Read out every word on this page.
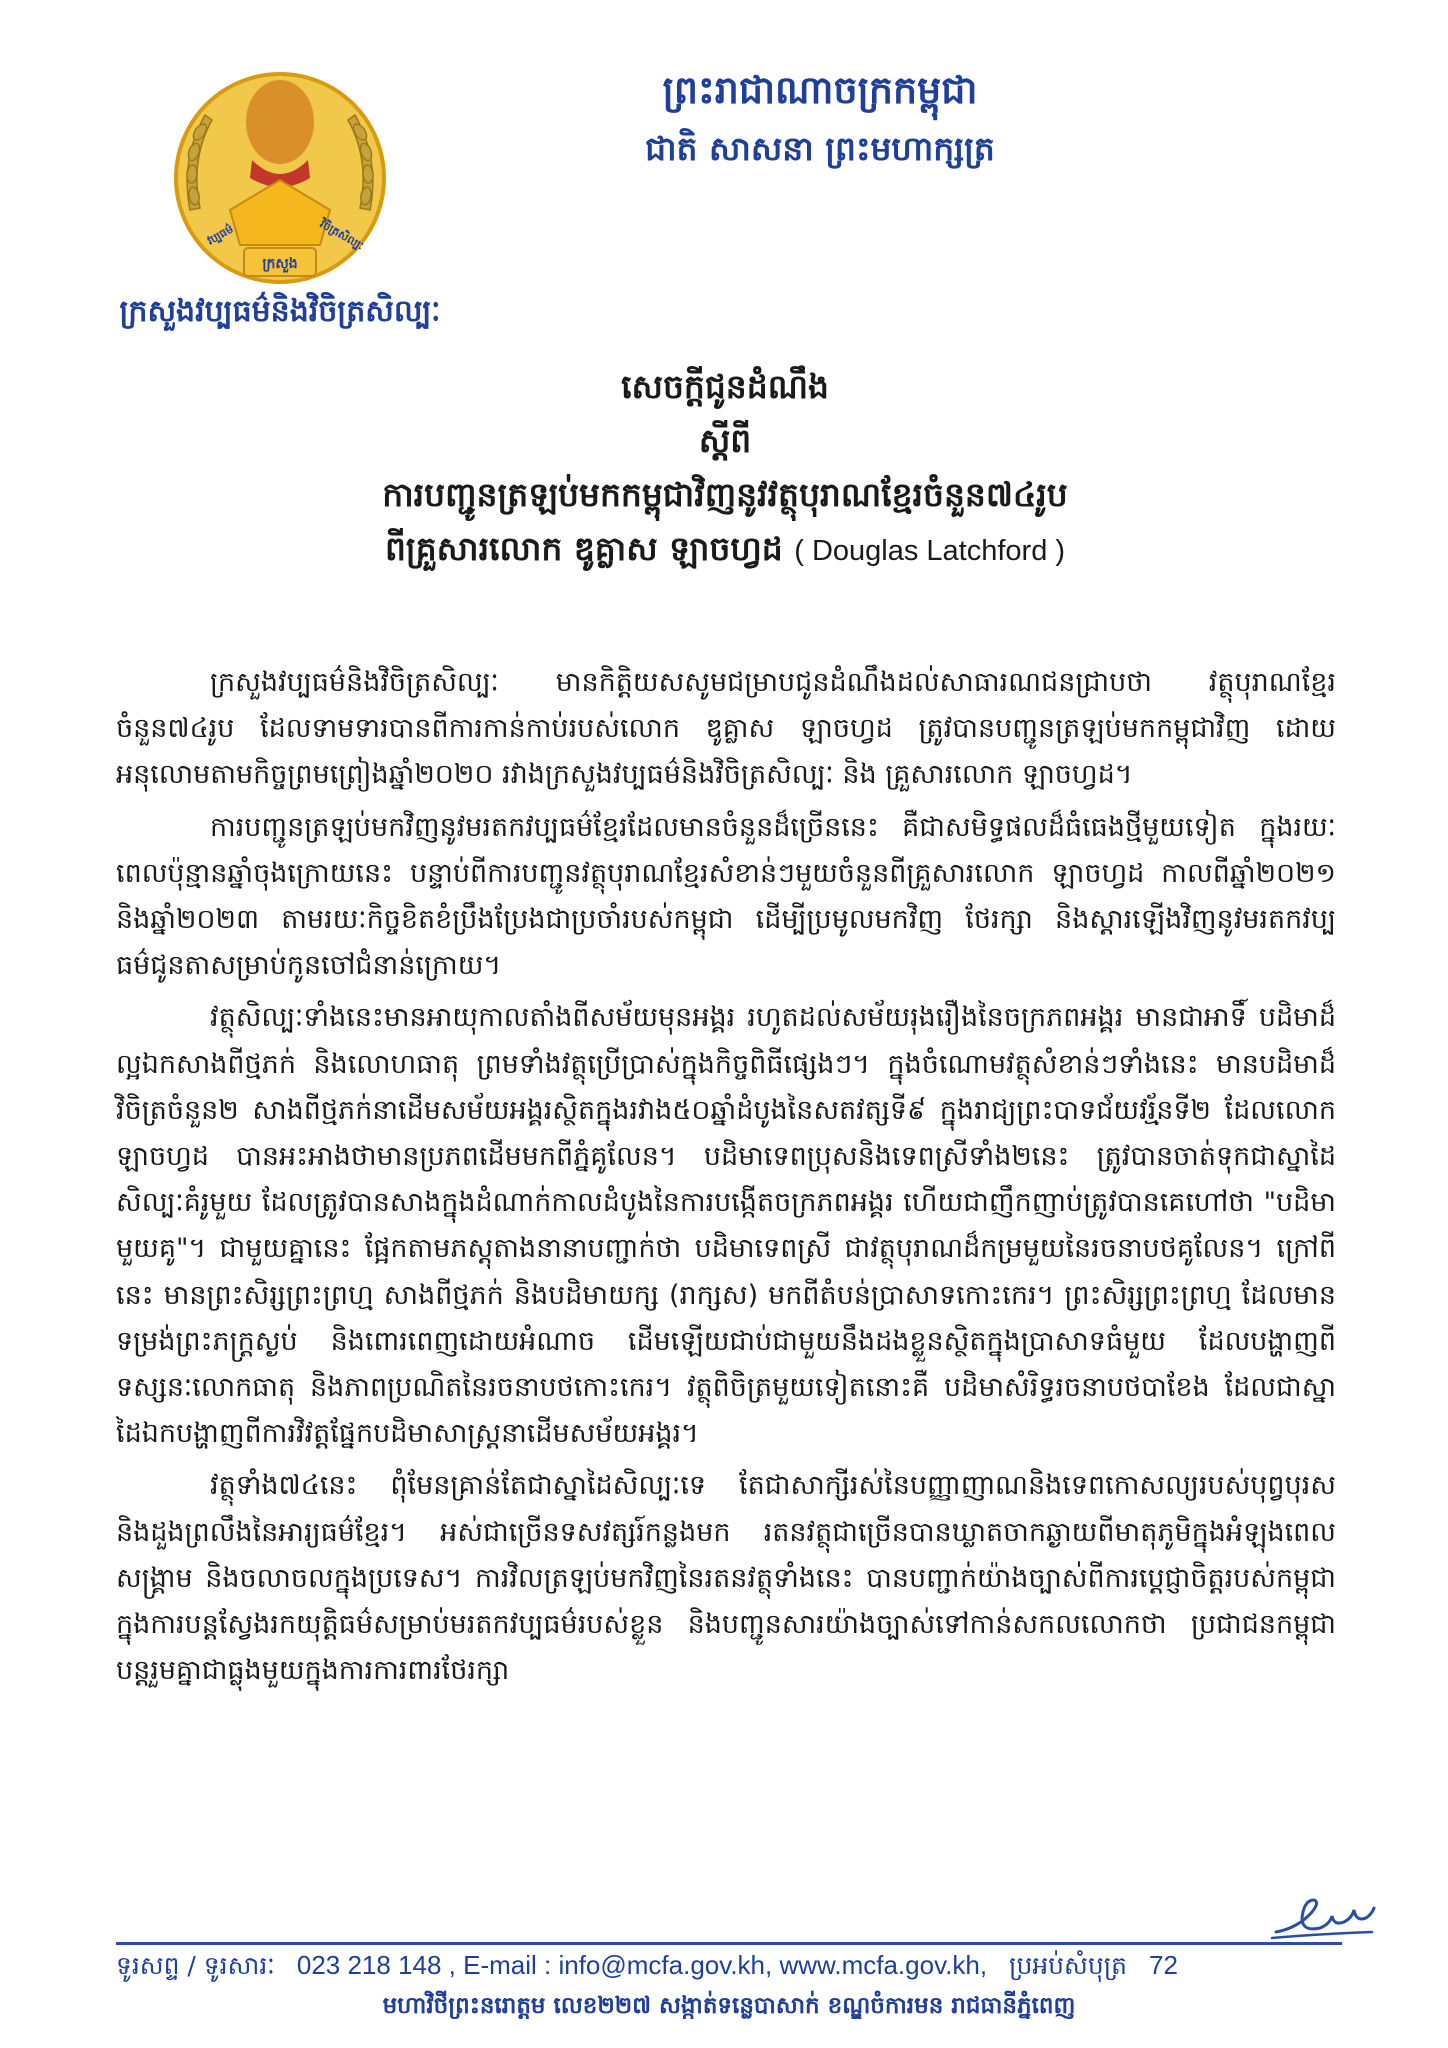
ក្រសួង
វប្បធម៌	វិចិត្រសិល្បៈ
ក្រសួងវប្បធម៌និងវិចិត្រសិល្បៈ
ព្រះរាជាណាចក្រកម្ពុជា
ជាតិ សាសនា ព្រះមហាក្សត្រ
សេចក្ដីជូនដំណឹង
ស្ដីពី
ការបញ្ជូនត្រឡប់មកកម្ពុជាវិញនូវវត្ថុបុរាណខ្មែរចំនួន៧៤រូប
ពីគ្រួសារលោក ឌូគ្លាស ឡាចហ្វដ ( Douglas Latchford )

ក្រសួងវប្បធម៌និងវិចិត្រសិល្បៈ មានកិត្តិយសសូមជម្រាបជូនដំណឹងដល់សាធារណជនជ្រាបថា វត្ថុបុរាណខ្មែរចំនួន៧៤រូប ដែលទាមទារបានពីការកាន់កាប់របស់លោក ឌូគ្លាស ឡាចហ្វដ ត្រូវបានបញ្ជូនត្រឡប់មកកម្ពុជាវិញ ដោយអនុលោមតាមកិច្ចព្រមព្រៀងឆ្នាំ២០២០ រវាងក្រសួងវប្បធម៌និងវិចិត្រសិល្បៈ និង គ្រួសារលោក ឡាចហ្វដ។

ការបញ្ជូនត្រឡប់មកវិញនូវមរតកវប្បធម៌ខ្មែរដែលមានចំនួនដ៏ច្រើននេះ គឺជាសមិទ្ធផលដ៏ធំធេងថ្មីមួយទៀត ក្នុងរយៈពេលប៉ុន្មានឆ្នាំចុងក្រោយនេះ បន្ទាប់ពីការបញ្ជូនវត្ថុបុរាណខ្មែរសំខាន់ៗមួយចំនួនពីគ្រួសារលោក ឡាចហ្វដ កាលពីឆ្នាំ២០២១ និងឆ្នាំ២០២៣ តាមរយៈកិច្ចខិតខំប្រឹងប្រែងជាប្រចាំរបស់កម្ពុជា ដើម្បីប្រមូលមកវិញ ថែរក្សា និងស្តារឡើងវិញនូវមរតកវប្បធម៌ជូនតាសម្រាប់កូនចៅជំនាន់ក្រោយ។

វត្ថុសិល្បៈទាំងនេះមានអាយុកាលតាំងពីសម័យមុនអង្គរ រហូតដល់សម័យរុងរឿងនៃចក្រភពអង្គរ មានជាអាទិ៍ បដិមាដ៏ល្អឯកសាងពីថ្មភក់ និងលោហធាតុ ព្រមទាំងវត្ថុប្រើប្រាស់ក្នុងកិច្ចពិធីផ្សេងៗ។ ក្នុងចំណោមវត្ថុសំខាន់ៗទាំងនេះ មានបដិមាដ៏វិចិត្រចំនួន២ សាងពីថ្មភក់នាដើមសម័យអង្គរស្ថិតក្នុងរវាង៥០ឆ្នាំដំបូងនៃសតវត្សទី៩ ក្នុងរាជ្យព្រះបាទជ័យវរ្ម័នទី២ ដែលលោក ឡាចហ្វដ បានអះអាងថាមានប្រភពដើមមកពីភ្នំគូលែន។ បដិមាទេពប្រុសនិងទេពស្រីទាំង២នេះ ត្រូវបានចាត់ទុកជាស្នាដៃសិល្បៈគំរូមួយ ដែលត្រូវបានសាងក្នុងដំណាក់កាលដំបូងនៃការបង្កើតចក្រភពអង្គរ ហើយជាញឹកញាប់ត្រូវបានគេហៅថា "បដិមាមួយគូ"។ ជាមួយគ្នានេះ ផ្អែកតាមភស្តុតាងនានាបញ្ជាក់ថា បដិមាទេពស្រី ជាវត្ថុបុរាណដ៏កម្រមួយនៃរចនាបថគូលែន។ ក្រៅពីនេះ មានព្រះសិរ្សព្រះព្រហ្ម សាងពីថ្មភក់ និងបដិមាយក្ស (រាក្សស) មកពីតំបន់ប្រាសាទកោះកេរ។ ព្រះសិរ្សព្រះព្រហ្ម ដែលមានទម្រង់ព្រះភក្ត្រស្ងប់ និងពោរពេញដោយអំណាច ដើមឡើយជាប់ជាមួយនឹងដងខ្លួនស្ថិតក្នុងប្រាសាទធំមួយ ដែលបង្ហាញពីទស្សនៈលោកធាតុ និងភាពប្រណិតនៃរចនាបថកោះកេរ។ វត្ថុពិចិត្រមួយទៀតនោះគឺ បដិមាសំរិទ្ធរចនាបថបាខែង ដែលជាស្នាដៃឯកបង្ហាញពីការវិវត្តផ្នែកបដិមាសាស្រ្តនាដើមសម័យអង្គរ។

វត្ថុទាំង៧៤នេះ ពុំមែនគ្រាន់តែជាស្នាដៃសិល្បៈទេ តែជាសាក្សីរស់នៃបញ្ញាញាណនិងទេពកោសល្យរបស់បុព្វបុរស និងដួងព្រលឹងនៃអារ្យធម៌ខ្មែរ។ អស់ជាច្រើនទសវត្សរ៍កន្លងមក រតនវត្ថុជាច្រើនបានឃ្លាតចាកឆ្ងាយពីមាតុភូមិក្នុងអំឡុងពេលសង្គ្រាម និងចលាចលក្នុងប្រទេស។ ការវិលត្រឡប់មកវិញនៃរតនវត្ថុទាំងនេះ បានបញ្ជាក់យ៉ាងច្បាស់ពីការប្តេជ្ញាចិត្តរបស់កម្ពុជា ក្នុងការបន្តស្វែងរកយុត្តិធម៌សម្រាប់មរតកវប្បធម៌របស់ខ្លួន និងបញ្ជូនសារយ៉ាងច្បាស់ទៅកាន់សកលលោកថា ប្រជាជនកម្ពុជាបន្តរួមគ្នាជាធ្លុងមួយក្នុងការការពារថែរក្សា

ទូរសព្ទ / ទូរសារៈ 023 218 148 , E-mail : info@mcfa.gov.kh, www.mcfa.gov.kh, ប្រអប់សំបុត្រ 72
មហាវិថីព្រះនរោត្តម លេខ២២៧ សង្កាត់ទន្លេបាសាក់ ខណ្ឌចំការមន រាជធានីភ្នំពេញ
